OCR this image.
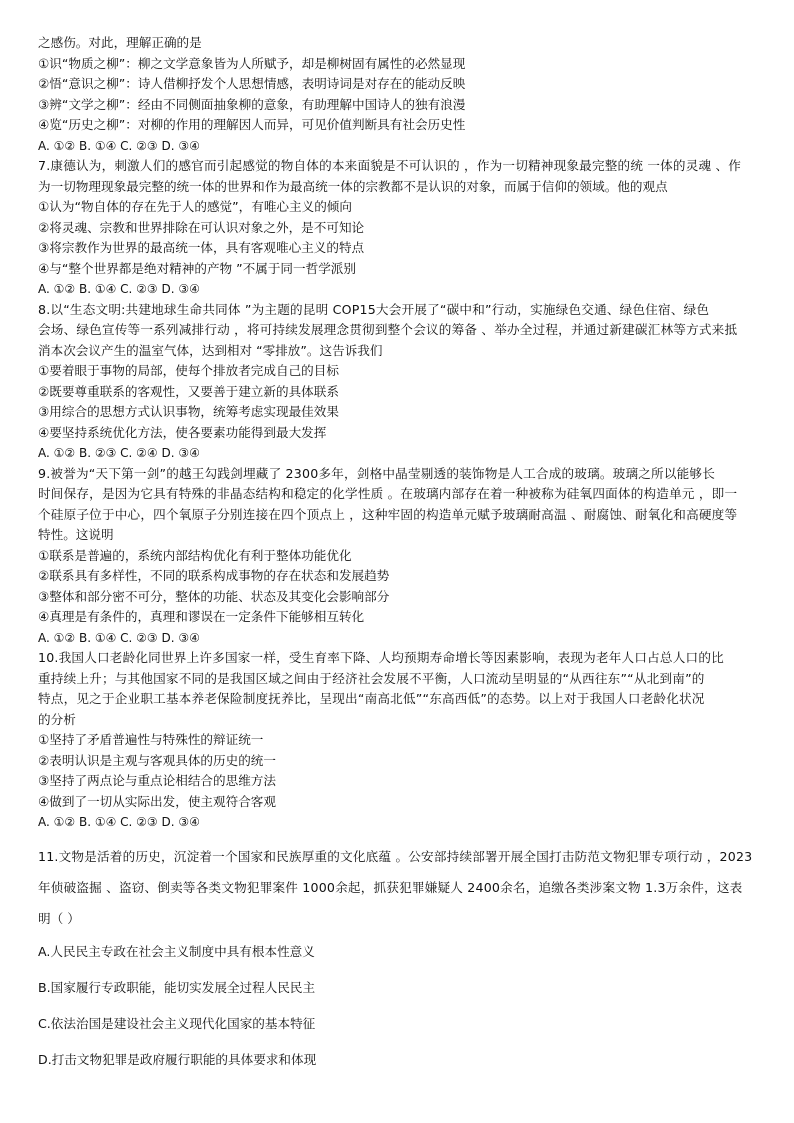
之感伤。对此，理解正确的是
①识“物质之柳”：柳之文学意象皆为人所赋予，却是柳树固有属性的必然显现
②悟“意识之柳”：诗人借柳抒发个人思想情感，表明诗词是对存在的能动反映
③辨“文学之柳”：经由不同侧面抽象柳的意象，有助理解中国诗人的独有浪漫
④览“历史之柳”：对柳的作用的理解因人而异，可见价值判断具有社会历史性
A. ①② B. ①④ C. ②③ D. ③④
7.康德认为，刺激人们的感官而引起感觉的物自体的本来面貌是不可认识的 ，作为一切精神现象最完整的统 一体的灵魂 、作
为一切物理现象最完整的统一体的世界和作为最高统一体的宗教都不是认识的对象，而属于信仰的领域。他的观点
①认为“物自体的存在先于人的感觉”，有唯心主义的倾向
②将灵魂、宗教和世界排除在可认识对象之外，是不可知论
③将宗教作为世界的最高统一体，具有客观唯心主义的特点
④与“整个世界都是绝对精神的产物 ”不属于同一哲学派别
A. ①② B. ①④ C. ②③ D. ③④
8.以“生态文明:共建地球生命共同体 ”为主题的昆明 COP15大会开展了“碳中和”行动，实施绿色交通、绿色住宿、绿色
会场、绿色宣传等一系列减排行动 ，将可持续发展理念贯彻到整个会议的筹备 、举办全过程，并通过新建碳汇林等方式来抵
消本次会议产生的温室气体，达到相对 “零排放”。这告诉我们
①要着眼于事物的局部，使每个排放者完成自己的目标
②既要尊重联系的客观性，又要善于建立新的具体联系
③用综合的思想方式认识事物，统筹考虑实现最佳效果
④要坚持系统优化方法，使各要素功能得到最大发挥
A. ①② B. ②③ C. ②④ D. ③④
9.被誉为“天下第一剑”的越王勾践剑埋藏了 2300多年，剑格中晶莹剔透的装饰物是人工合成的玻璃。玻璃之所以能够长
时间保存，是因为它具有特殊的非晶态结构和稳定的化学性质 。在玻璃内部存在着一种被称为硅氧四面体的构造单元 ，即一
个硅原子位于中心，四个氧原子分别连接在四个顶点上 ，这种牢固的构造单元赋予玻璃耐高温 、耐腐蚀、耐氧化和高硬度等
特性。这说明
①联系是普遍的，系统内部结构优化有利于整体功能优化
②联系具有多样性，不同的联系构成事物的存在状态和发展趋势
③整体和部分密不可分，整体的功能、状态及其变化会影响部分
④真理是有条件的，真理和谬误在一定条件下能够相互转化
A. ①② B. ①④ C. ②③ D. ③④
10.我国人口老龄化同世界上许多国家一样，受生育率下降、人均预期寿命增长等因素影响，表现为老年人口占总人口的比
重持续上升；与其他国家不同的是我国区域之间由于经济社会发展不平衡，人口流动呈明显的“从西往东”“从北到南”的
特点，见之于企业职工基本养老保险制度抚养比，呈现出“南高北低”“东高西低”的态势。以上对于我国人口老龄化状况
的分析
①坚持了矛盾普遍性与特殊性的辩证统一
②表明认识是主观与客观具体的历史的统一
③坚持了两点论与重点论相结合的思维方法
④做到了一切从实际出发，使主观符合客观
A. ①② B. ①④ C. ②③ D. ③④
11.文物是活着的历史，沉淀着一个国家和民族厚重的文化底蕴 。公安部持续部署开展全国打击防范文物犯罪专项行动 ，2023
年侦破盗掘 、盗窃、倒卖等各类文物犯罪案件 1000余起，抓获犯罪嫌疑人 2400余名，追缴各类涉案文物 1.3万余件，这表
明（ ）
A.人民民主专政在社会主义制度中具有根本性意义
B.国家履行专政职能，能切实发展全过程人民民主
C.依法治国是建设社会主义现代化国家的基本特征
D.打击文物犯罪是政府履行职能的具体要求和体现
